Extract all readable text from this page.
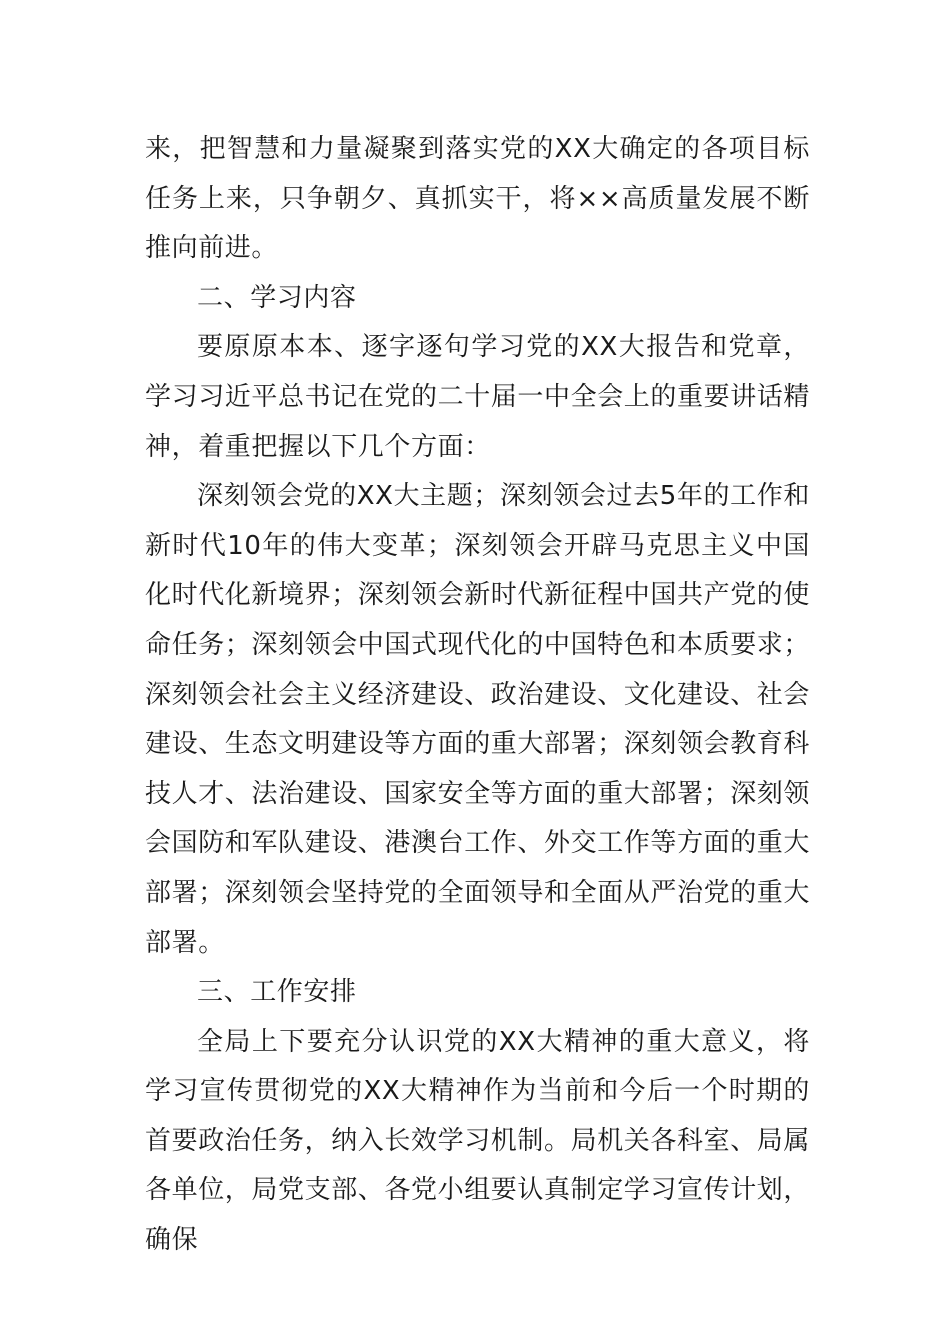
来，把智慧和力量凝聚到落实党的XX大确定的各项目标任务上来，只争朝夕、真抓实干，将××高质量发展不断推向前进。

二、学习内容

要原原本本、逐字逐句学习党的XX大报告和党章，学习习近平总书记在党的二十届一中全会上的重要讲话精神，着重把握以下几个方面：

深刻领会党的XX大主题；深刻领会过去5年的工作和新时代10年的伟大变革；深刻领会开辟马克思主义中国化时代化新境界；深刻领会新时代新征程中国共产党的使命任务；深刻领会中国式现代化的中国特色和本质要求；深刻领会社会主义经济建设、政治建设、文化建设、社会建设、生态文明建设等方面的重大部署；深刻领会教育科技人才、法治建设、国家安全等方面的重大部署；深刻领会国防和军队建设、港澳台工作、外交工作等方面的重大部署；深刻领会坚持党的全面领导和全面从严治党的重大部署。

三、工作安排

全局上下要充分认识党的XX大精神的重大意义，将学习宣传贯彻党的XX大精神作为当前和今后一个时期的首要政治任务，纳入长效学习机制。局机关各科室、局属各单位，局党支部、各党小组要认真制定学习宣传计划，确保
